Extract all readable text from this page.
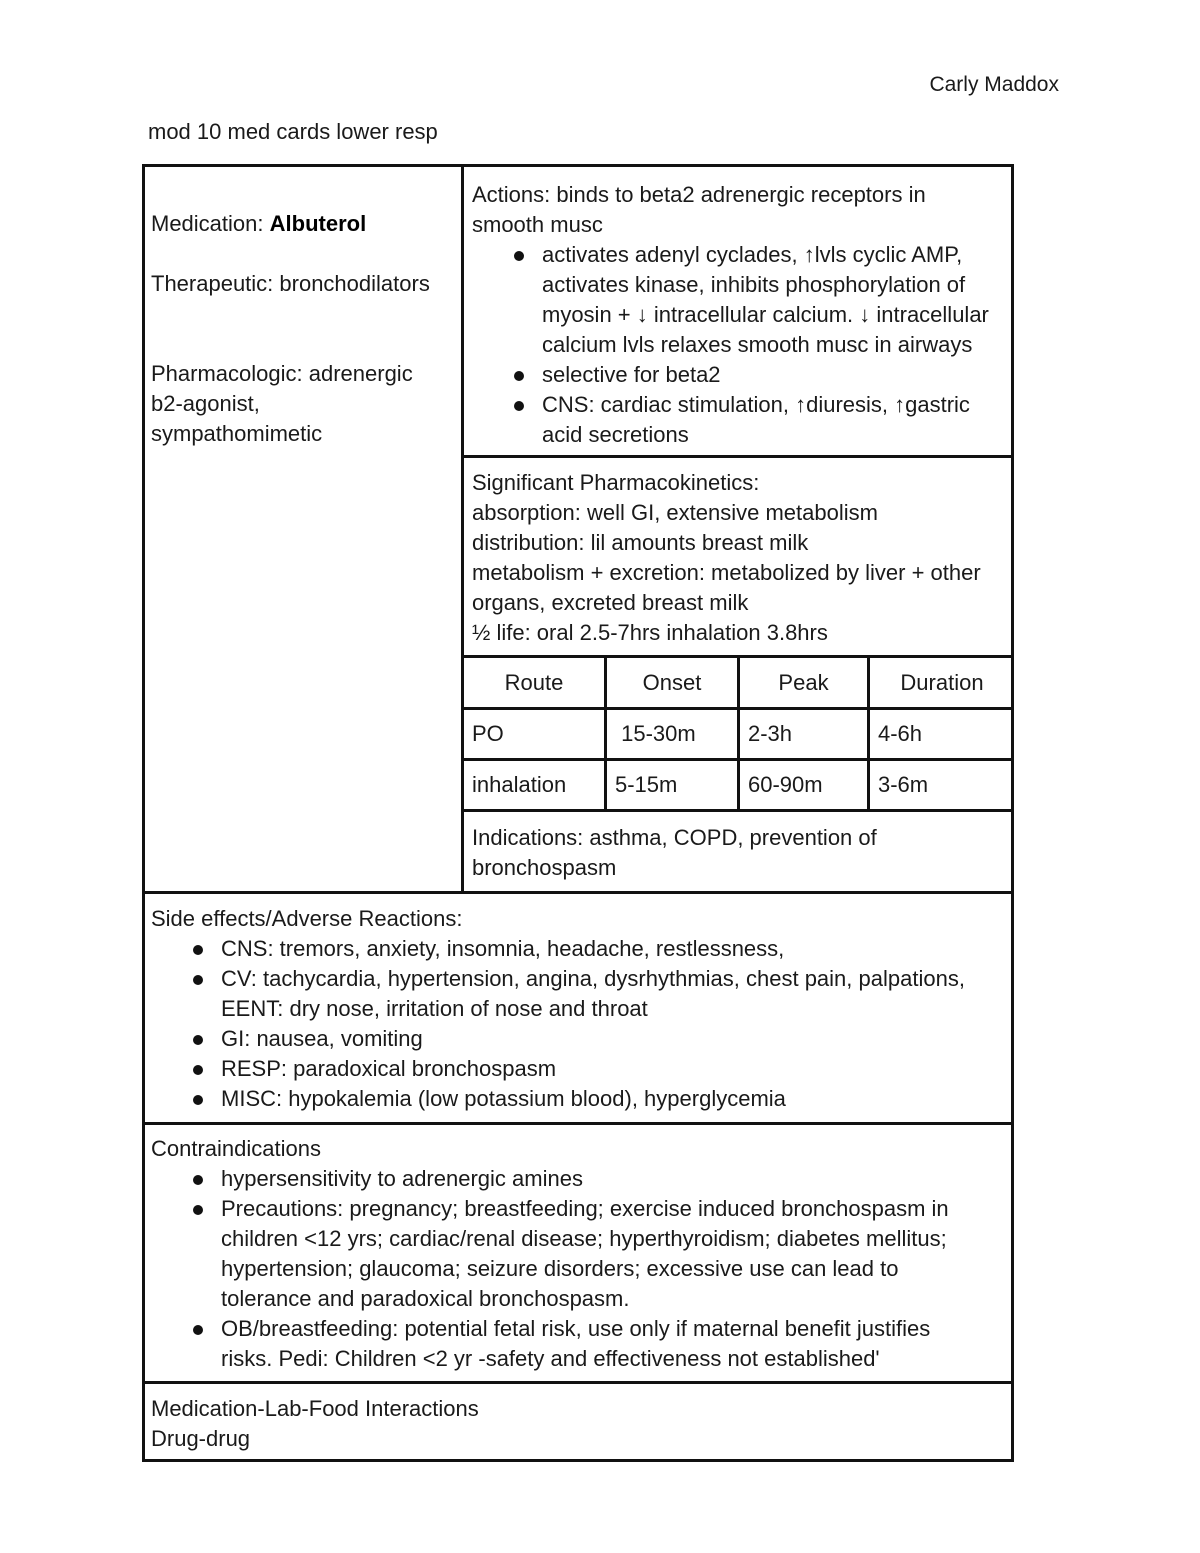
Carly Maddox
mod 10 med cards lower resp
Medication: Albuterol
Therapeutic: bronchodilators
Pharmacologic: adrenergic
b2-agonist,
sympathomimetic
Actions: binds to beta2 adrenergic receptors in
smooth musc
activates adenyl cyclades, ↑lvls cyclic AMP,
activates kinase, inhibits phosphorylation of
myosin + ↓ intracellular calcium. ↓ intracellular
calcium lvls relaxes smooth musc in airways
selective for beta2
CNS: cardiac stimulation, ↑diuresis, ↑gastric
acid secretions
Significant Pharmacokinetics:
absorption: well GI, extensive metabolism
distribution: lil amounts breast milk
metabolism + excretion: metabolized by liver + other
organs, excreted breast milk
½ life: oral 2.5-7hrs inhalation 3.8hrs
Route	Onset	Peak	Duration
PO	15-30m	2-3h	4-6h
inhalation	5-15m	60-90m	3-6m
Indications: asthma, COPD, prevention of
bronchospasm
Side effects/Adverse Reactions:
CNS: tremors, anxiety, insomnia, headache, restlessness,
CV: tachycardia, hypertension, angina, dysrhythmias, chest pain, palpations,
EENT: dry nose, irritation of nose and throat
GI: nausea, vomiting
RESP: paradoxical bronchospasm
MISC: hypokalemia (low potassium blood), hyperglycemia
Contraindications
hypersensitivity to adrenergic amines
Precautions: pregnancy; breastfeeding; exercise induced bronchospasm in
children <12 yrs; cardiac/renal disease; hyperthyroidism; diabetes mellitus;
hypertension; glaucoma; seizure disorders; excessive use can lead to
tolerance and paradoxical bronchospasm.
OB/breastfeeding: potential fetal risk, use only if maternal benefit justifies
risks. Pedi: Children <2 yr -safety and effectiveness not established'
Medication-Lab-Food Interactions
Drug-drug
